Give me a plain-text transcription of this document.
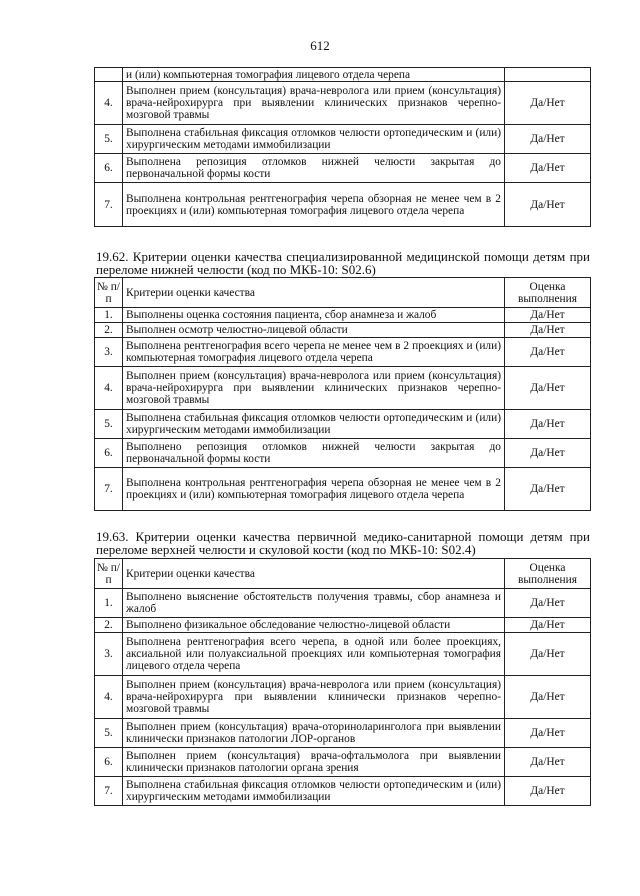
612
	и (или) компьютерная томография лицевого отдела черепа	
4.	Выполнен прием (консультация) врача-невролога или прием (консультация) врача-нейрохирурга при выявлении клинических признаков черепно-мозговой травмы	Да/Нет
5.	Выполнена стабильная фиксация отломков челюсти ортопедическим и (или) хирургическим методами иммобилизации	Да/Нет
6.	Выполнена репозиция отломков нижней челюсти закрытая до первоначальной формы кости	Да/Нет
7.	Выполнена контрольная рентгенография черепа обзорная не менее чем в 2 проекциях и (или) компьютерная томография лицевого отдела черепа	Да/Нет
19.62. Критерии оценки качества специализированной медицинской помощи детям при переломе нижней челюсти (код по МКБ-10: S02.6)
№ п/п	Критерии оценки качества	Оценка выполнения
1.	Выполнены оценка состояния пациента, сбор анамнеза и жалоб	Да/Нет
2.	Выполнен осмотр челюстно-лицевой области	Да/Нет
3.	Выполнена рентгенография всего черепа не менее чем в 2 проекциях и (или) компьютерная томография лицевого отдела черепа	Да/Нет
4.	Выполнен прием (консультация) врача-невролога или прием (консультация) врача-нейрохирурга при выявлении клинических признаков черепно-мозговой травмы	Да/Нет
5.	Выполнена стабильная фиксация отломков челюсти ортопедическим и (или) хирургическим методами иммобилизации	Да/Нет
6.	Выполнено репозиция отломков нижней челюсти закрытая до первоначальной формы кости	Да/Нет
7.	Выполнена контрольная рентгенография черепа обзорная не менее чем в 2 проекциях и (или) компьютерная томография лицевого отдела черепа	Да/Нет
19.63. Критерии оценки качества первичной медико-санитарной помощи детям при переломе верхней челюсти и скуловой кости (код по МКБ-10: S02.4)
№ п/п	Критерии оценки качества	Оценка выполнения
1.	Выполнено выяснение обстоятельств получения травмы, сбор анамнеза и жалоб	Да/Нет
2.	Выполнено физикальное обследование челюстно-лицевой области	Да/Нет
3.	Выполнена рентгенография всего черепа, в одной или более проекциях, аксиальной или полуаксиальной проекциях или компьютерная томография лицевого отдела черепа	Да/Нет
4.	Выполнен прием (консультация) врача-невролога или прием (консультация) врача-нейрохирурга при выявлении клинически признаков черепно-мозговой травмы	Да/Нет
5.	Выполнен прием (консультация) врача-оториноларинголога при выявлении клинически признаков патологии ЛОР-органов	Да/Нет
6.	Выполнен прием (консультация) врача-офтальмолога при выявлении клинически признаков патологии органа зрения	Да/Нет
7.	Выполнена стабильная фиксация отломков челюсти ортопедическим и (или) хирургическим методами иммобилизации	Да/Нет
